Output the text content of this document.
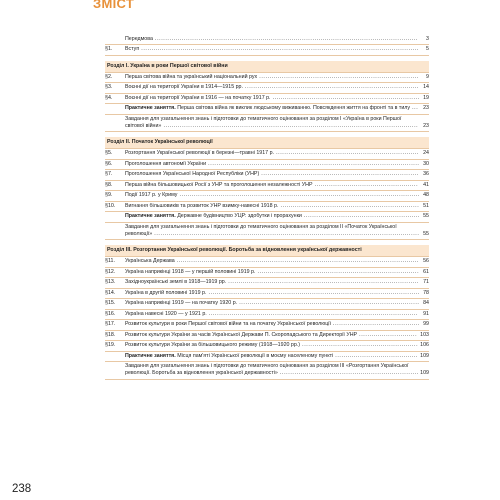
ЗМІСТ
Передмова ...............................................................................................................................	3
§1.	Вступ ......................................................................................................................................	5
Розділ І. Україна в роки Першої світової війни
§2.	Перша світова війна та український національний рух .............................................................................	9
§3.	Воєнні дії на території України в 1914—1915 рр. .................................................................................... 14
§4.	Воєнні дії на території України в 1916 — на початку 1917 р. ....................................................................... 19
Практичне заняття. Перша світова війна як виклик людському виживанню. Повсякдення життя на фронті та в тилу ... 23
Завдання для узагальнення знань і підготовки до тематичного оцінювання за розділом І «Україна в роки Першої світової війни» ........................................................................................................................... 23
Розділ ІІ. Початок Української революції
§5.	Розгортання Української революції в березні—травні 1917 р. ..................................................................... 24
§6.	Проголошення автономії України ...................................................................................................... 30
§7.	Проголошення Української Народної Республіки (УНР) ............................................................................ 36
§8.	Перша війна більшовицької Росії з УНР та проголошення незалежності УНР .................................................. 41
§9.	Події 1917 р. у Криму .................................................................................................................... 48
§10.	Вигнання більшовиків та розвиток УНР взимку-навесні 1918 р. ................................................................... 51
Практичне заняття. Державне будівництво УЦР: здобутки і прорахунки ........................................................ 55
Завдання для узагальнення знань і підготовки до тематичного оцінювання за розділом ІІ «Початок Української революції» ................................................................................................................................ 55
Розділ ІІІ. Розгортання Української революції. Боротьба за відновлення української державності
§11.	Українська Держава ..................................................................................................................... 56
§12.	Україна наприкінці 1918 — у першій половині 1919 р. .............................................................................. 61
§13.	Західноукраїнські землі в 1918—1919 рр. ............................................................................................ 71
§14.	Україна в другій половині 1919 р. ...................................................................................................... 78
§15.	Україна наприкінці 1919 — на початку 1920 р. ....................................................................................... 84
§16.	Україна навесні 1920 — у 1921 р. ..................................................................................................... 91
§17.	Розвиток культури в роки Першої світової війни та на початку Української революції .......................................... 99
§18.	Розвиток культури України за часів Української Держави П. Скоропадського та Директорії УНР ............................ 103
§19.	Розвиток культури України за більшовицького режиму (1918—1920 рр.) ........................................................ 106
Практичне заняття. Місця пам'яті Української революції в моєму населеному пункті ........................................ 109
Завдання для узагальнення знань і підготовки до тематичного оцінювання за розділом ІІІ «Розгортання Української революції. Боротьба за відновлення української державності» ................................................................... 109
238
